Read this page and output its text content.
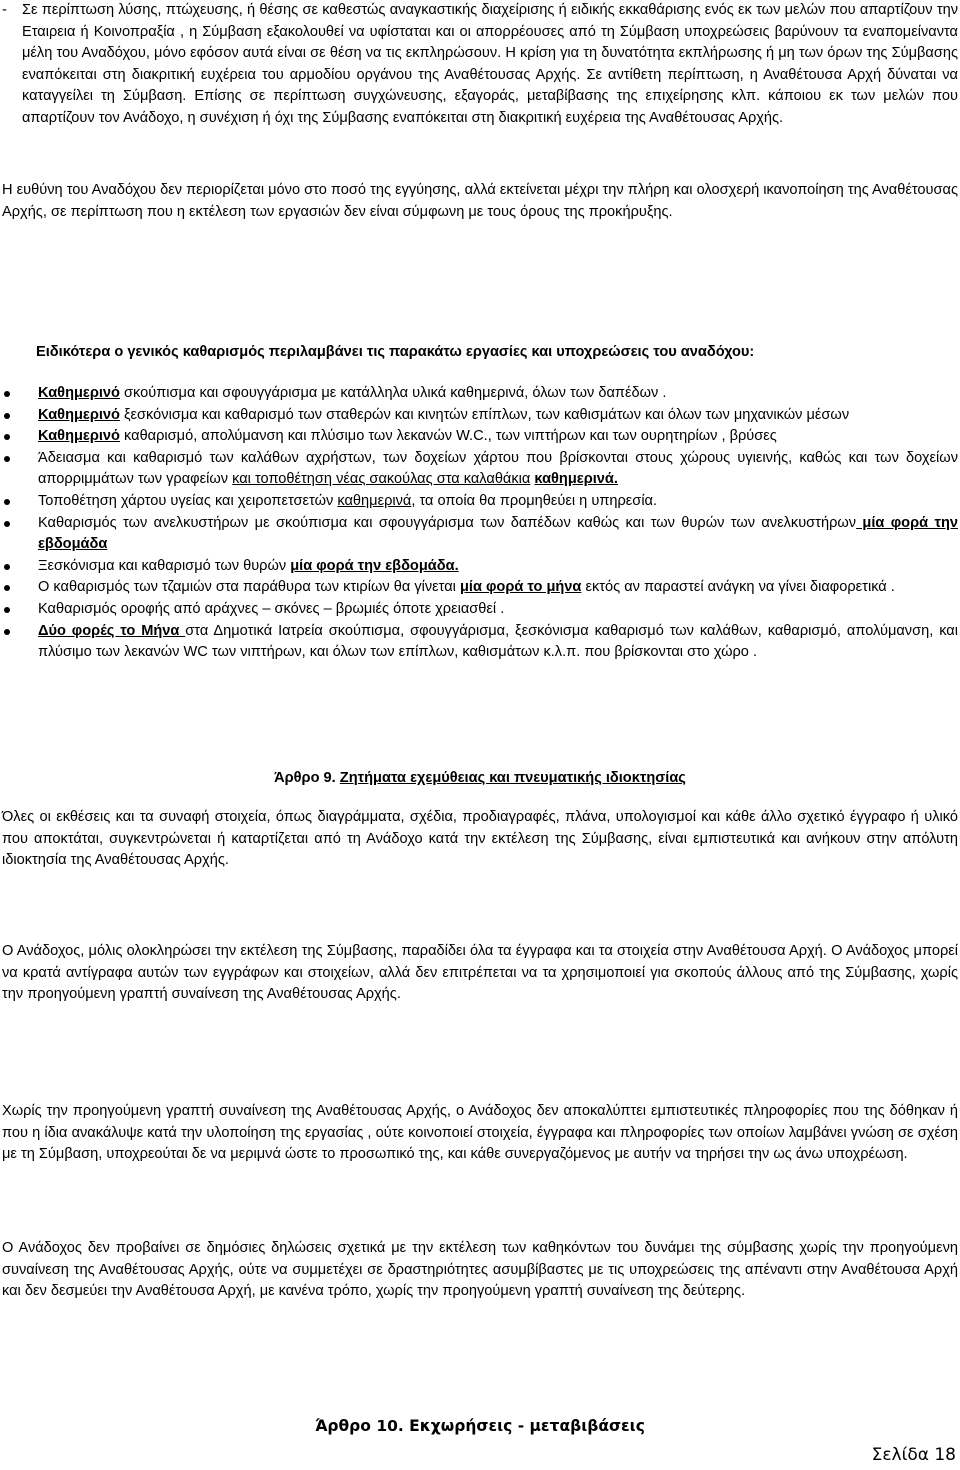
- Σε περίπτωση λύσης, πτώχευσης, ή θέσης σε καθεστώς αναγκαστικής διαχείρισης ή ειδικής εκκαθάρισης ενός εκ των μελών που απαρτίζουν την Εταιρεια ή Κοινοπραξία , η Σύμβαση εξακολουθεί να υφίσταται και οι απορρέουσες από τη Σύμβαση υποχρεώσεις βαρύνουν τα εναπομείναντα μέλη του Αναδόχου, μόνο εφόσον αυτά είναι σε θέση να τις εκπληρώσουν. Η κρίση για τη δυνατότητα εκπλήρωσης ή μη των όρων της Σύμβασης εναπόκειται στη διακριτική ευχέρεια του αρμοδίου οργάνου της Αναθέτουσας Αρχής. Σε αντίθετη περίπτωση, η Αναθέτουσα Αρχή δύναται να καταγγείλει τη Σύμβαση. Επίσης σε περίπτωση συγχώνευσης, εξαγοράς, μεταβίβασης της επιχείρησης κλπ. κάποιου εκ των μελών που απαρτίζουν τον Ανάδοχο, η συνέχιση ή όχι της Σύμβασης εναπόκειται στη διακριτική ευχέρεια της Αναθέτουσας Αρχής.
Η ευθύνη του Αναδόχου δεν περιορίζεται μόνο στο ποσό της εγγύησης, αλλά εκτείνεται μέχρι την πλήρη και ολοσχερή ικανοποίηση της Αναθέτουσας Αρχής, σε περίπτωση που η εκτέλεση των εργασιών δεν είναι σύμφωνη με τους όρους της προκήρυξης.
Ειδικότερα ο γενικός καθαρισμός περιλαμβάνει τις παρακάτω εργασίες και υποχρεώσεις του αναδόχου:
Καθημερινό σκούπισμα και σφουγγάρισμα με κατάλληλα υλικά καθημερινά, όλων των δαπέδων .
Καθημερινό ξεσκόνισμα και καθαρισμό των σταθερών και κινητών επίπλων, των καθισμάτων και όλων των μηχανικών μέσων
Καθημερινό καθαρισμό, απολύμανση και πλύσιμο των λεκανών W.C., των νιπτήρων και των ουρητηρίων , βρύσες
Άδειασμα και καθαρισμό των καλάθων αχρήστων, των δοχείων χάρτου που βρίσκονται στους χώρους υγιεινής, καθώς και των δοχείων απορριμμάτων των γραφείων και τοποθέτηση νέας σακούλας στα καλαθάκια καθημερινά.
Τοποθέτηση χάρτου υγείας και χειροπετσετών καθημερινά, τα οποία θα προμηθεύει η υπηρεσία.
Καθαρισμός των ανελκυστήρων με σκούπισμα και σφουγγάρισμα των δαπέδων καθώς και των θυρών των ανελκυστήρων μία φορά την εβδομάδα
Ξεσκόνισμα και καθαρισμό των θυρών μία φορά την εβδομάδα.
Ο καθαρισμός των τζαμιών στα παράθυρα των κτιρίων θα γίνεται μία φορά το μήνα εκτός αν παραστεί ανάγκη να γίνει διαφορετικά .
Καθαρισμός οροφής από αράχνες – σκόνες – βρωμιές όποτε χρειασθεί .
Δύο φορές το Μήνα στα Δημοτικά Ιατρεία σκούπισμα, σφουγγάρισμα, ξεσκόνισμα καθαρισμό των καλάθων, καθαρισμό, απολύμανση, και πλύσιμο των λεκανών WC των νιπτήρων, και όλων των επίπλων, καθισμάτων κ.λ.π. που βρίσκονται στο χώρο .
Άρθρο 9. Ζητήματα εχεμύθειας και πνευματικής ιδιοκτησίας
Όλες οι εκθέσεις και τα συναφή στοιχεία, όπως διαγράμματα, σχέδια, προδιαγραφές, πλάνα, υπολογισμοί και κάθε άλλο σχετικό έγγραφο ή υλικό που αποκτάται, συγκεντρώνεται ή καταρτίζεται από τη Ανάδοχο κατά την εκτέλεση της Σύμβασης, είναι εμπιστευτικά και ανήκουν στην απόλυτη ιδιοκτησία της Αναθέτουσας Αρχής.
Ο Ανάδοχος, μόλις ολοκληρώσει την εκτέλεση της Σύμβασης, παραδίδει όλα τα έγγραφα και τα στοιχεία στην Αναθέτουσα Αρχή. Ο Ανάδοχος μπορεί να κρατά αντίγραφα αυτών των εγγράφων και στοιχείων, αλλά δεν επιτρέπεται να τα χρησιμοποιεί για σκοπούς άλλους από της Σύμβασης, χωρίς την προηγούμενη γραπτή συναίνεση της Αναθέτουσας Αρχής.
Χωρίς την προηγούμενη γραπτή συναίνεση της Αναθέτουσας Αρχής, ο Ανάδοχος δεν αποκαλύπτει εμπιστευτικές πληροφορίες που της δόθηκαν ή που η ίδια ανακάλυψε κατά την υλοποίηση της εργασίας , ούτε κοινοποιεί στοιχεία, έγγραφα και πληροφορίες των οποίων λαμβάνει γνώση σε σχέση με τη Σύμβαση, υποχρεούται δε να μεριμνά ώστε το προσωπικό της, και κάθε συνεργαζόμενος με αυτήν να τηρήσει την ως άνω υποχρέωση.
Ο Ανάδοχος δεν προβαίνει σε δημόσιες δηλώσεις σχετικά με την εκτέλεση των καθηκόντων του δυνάμει της σύμβασης χωρίς την προηγούμενη συναίνεση της Αναθέτουσας Αρχής, ούτε να συμμετέχει σε δραστηριότητες ασυμβίβαστες με τις υποχρεώσεις της απέναντι στην Αναθέτουσα Αρχή και δεν δεσμεύει την Αναθέτουσα Αρχή, με κανένα τρόπο, χωρίς την προηγούμενη γραπτή συναίνεση της δεύτερης.
Άρθρο 10. Εκχωρήσεις - μεταβιβάσεις
Σελίδα 18
